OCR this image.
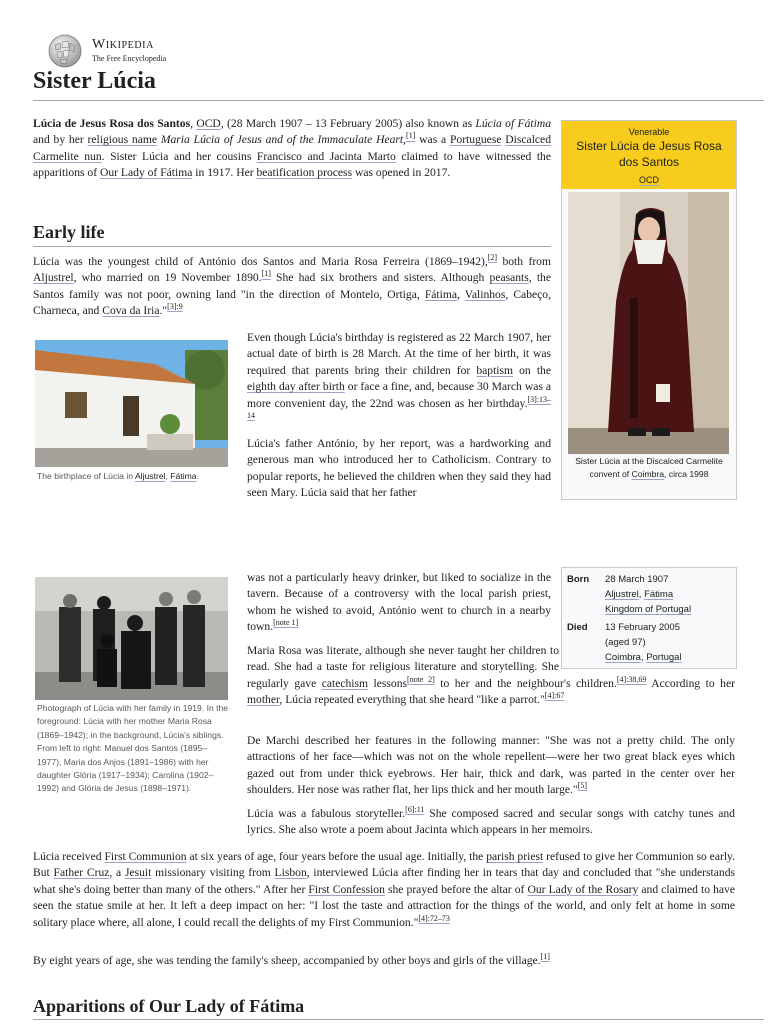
Wikipedia
The Free Encyclopedia
Sister Lúcia

Lúcia de Jesus Rosa dos Santos, OCD, (28 March 1907 – 13 February 2005) also known as Lúcia of Fátima and by her religious name Maria Lúcia of Jesus and of the Immaculate Heart,[1] was a Portuguese Discalced Carmelite nun. Sister Lúcia and her cousins Francisco and Jacinta Marto claimed to have witnessed the apparitions of Our Lady of Fátima in 1917. Her beatification process was opened in 2017.

Venerable
Sister Lúcia de Jesus Rosa dos Santos
OCD
Sister Lúcia at the Discalced Carmelite convent of Coimbra, circa 1998
Early life

Lúcia was the youngest child of António dos Santos and Maria Rosa Ferreira (1869–1942),[2] both from Aljustrel, who married on 19 November 1890.[1] She had six brothers and sisters. Although peasants, the Santos family was not poor, owning land "in the direction of Montelo, Ortiga, Fátima, Valinhos, Cabeço, Charneca, and Cova da Iria."$^{[3]:9}$

The birthplace of Lúcia in Aljustrel, Fátima.

Even though Lúcia's birthday is registered as 22 March 1907, her actual date of birth is 28 March. At the time of her birth, it was required that parents bring their children for baptism on the eighth day after birth or face a fine, and, because 30 March was a more convenient day, the 22nd was chosen as her birthday.$^{[3]:13-14}$

Lúcia's father António, by her report, was a hardworking and generous man who introduced her to Catholicism. Contrary to popular reports, he believed the children when they said they had seen Mary. Lúcia said that her father

Photograph of Lúcia with her family in 1919. In the foreground: Lúcia with her mother Maria Rosa (1869–1942); in the background, Lúcia's siblings. From left to right: Manuel dos Santos (1895–1977), Maria dos Anjos (1891–1986) with her daughter Glória (1917–1934); Carolina (1902–1992) and Glória de Jesus (1898–1971).

was not a particularly heavy drinker, but liked to socialize in the tavern. Because of a controversy with the local parish priest, whom he wished to avoid, António went to church in a nearby town.[note 1]

Born 28 March 1907
Aljustrel, Fátima
Kingdom of Portugal
Died 13 February 2005
(aged 97)
Coimbra, Portugal

Maria Rosa was literate, although she never taught her children to read. She had a taste for religious literature and storytelling. She regularly gave catechism lessons[note 2] to her and the neighbour's children.$^{[4]:38,69}$ According to her mother, Lúcia repeated everything that she heard "like a parrot."$^{[4]:67}$

De Marchi described her features in the following manner: "She was not a pretty child. The only attractions of her face—which was not on the whole repellent—were her two great black eyes which gazed out from under thick eyebrows. Her hair, thick and dark, was parted in the center over her shoulders. Her nose was rather flat, her lips thick and her mouth large."[5]

Lúcia was a fabulous storyteller.$^{[6]:11}$ She composed sacred and secular songs with catchy tunes and lyrics. She also wrote a poem about Jacinta which appears in her memoirs.

Lúcia received First Communion at six years of age, four years before the usual age. Initially, the parish priest refused to give her Communion so early. But Father Cruz, a Jesuit missionary visiting from Lisbon, interviewed Lúcia after finding her in tears that day and concluded that "she understands what she's doing better than many of the others." After her First Confession she prayed before the altar of Our Lady of the Rosary and claimed to have seen the statue smile at her. It left a deep impact on her: "I lost the taste and attraction for the things of the world, and only felt at home in some solitary place where, all alone, I could recall the delights of my First Communion."$^{[4]:72-73}$

By eight years of age, she was tending the family's sheep, accompanied by other boys and girls of the village.[1]

Apparitions of Our Lady of Fátima
